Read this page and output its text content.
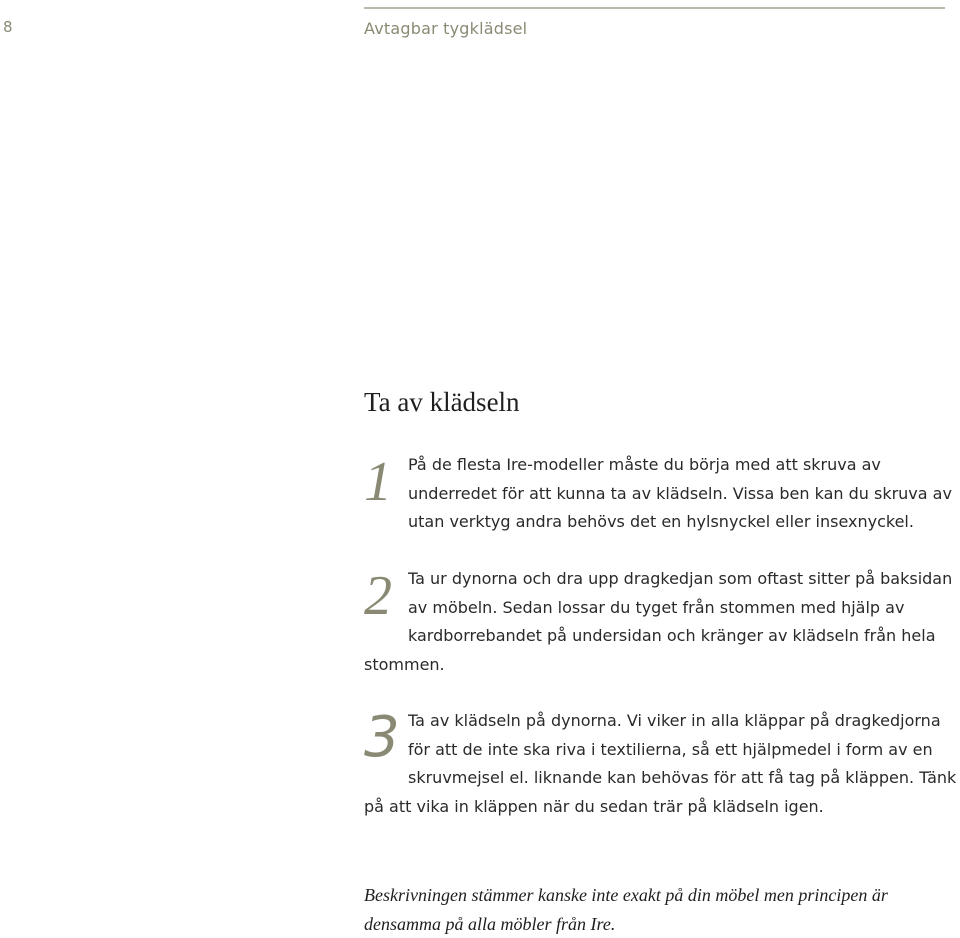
8	Avtagbar tygklädsel
Ta av klädseln
1	På de flesta Ire-modeller måste du börja med att skruva av underredet för att kunna ta av klädseln. Vissa ben kan du skruva av utan verktyg andra behövs det en hylsnyckel eller insexnyckel.

2	Ta ur dynorna och dra upp dragkedjan som oftast sitter på baksidan av möbeln. Sedan lossar du tyget från stommen med hjälp av kardborrebandet på undersidan och kränger av klädseln från hela stommen.

3 Ta av klädseln på dynorna. Vi viker in alla kläppar på dragkedjorna för att de inte ska riva i textilierna, så ett hjälpmedel i form av en skruvmejsel el. liknande kan behövas för att få tag på kläppen. Tänk på att vika in kläppen när du sedan trär på klädseln igen.

Beskrivningen stämmer kanske inte exakt på din möbel men principen är densamma på alla möbler från Ire.
